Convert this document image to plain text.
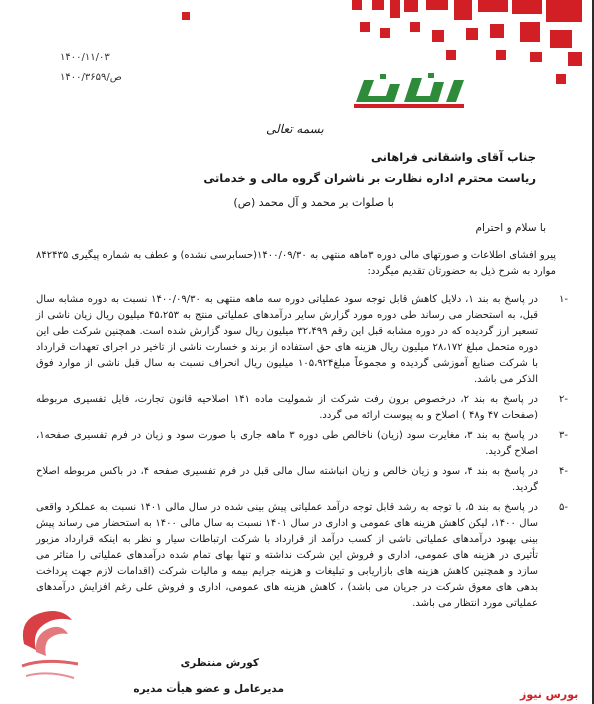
۱۴۰۰/۱۱/۰۳
۱۴۰۰/۳۶۵۹/ص
بسمه تعالی
جناب آقای واشقانی فراهانی
ریاست محترم اداره نظارت بر ناشران گروه مالی و خدماتی
با صلوات بر محمد و آل محمد (ص)
با سلام و احترام
پیرو افشای اطلاعات و صورتهای مالی دوره ۳ماهه منتهی به ۱۴۰۰/۰۹/۳۰(حسابرسی نشده) و عطف به شماره پیگیری ۸۴۲۴۳۵ موارد به شرح ذیل به حضورتان تقدیم میگردد:
-۱
در پاسخ به بند ۱، دلایل کاهش قابل توجه سود عملیاتی دوره سه ماهه منتهی به ۱۴۰۰/۰۹/۳۰ نسبت به دوره مشابه سال قبل، به استحضار می رساند طی دوره مورد گزارش سایر درآمدهای عملیاتی منتج به ۴۵،۲۵۳ میلیون ریال زیان ناشی از تسعیر ارز گردیده که در دوره مشابه قبل این رقم ۳۲،۴۹۹ میلیون ریال سود گزارش شده است. همچنین شرکت طی این دوره متحمل مبلغ ۲۸،۱۷۲ میلیون ریال هزینه های حق استفاده از برند و خسارت ناشی از تاخیر در اجرای تعهدات قرارداد با شرکت صنایع آموزشی گردیده و مجموعاً مبلغ۱۰۵،۹۲۴ میلیون ریال انحراف نسبت به سال قبل ناشی از موارد فوق الذکر می باشد.
-۲
در پاسخ به بند ۲، درخصوص برون رفت شرکت از شمولیت ماده ۱۴۱ اصلاحیه قانون تجارت، فایل تفسیری مربوطه (صفحات ۴۷ و۴۸ ) اصلاح و به پیوست ارائه می گردد.
-۳
در پاسخ به بند ۳، مغایرت سود (زیان) ناخالص طی دوره ۳ ماهه جاری با صورت سود و زیان در فرم تفسیری صفحه۱، اصلاح گردید.
-۴
در پاسخ به بند ۴، سود و زیان خالص و زیان انباشته سال مالی قبل در فرم تفسیری صفحه ۴، در باکس مربوطه اصلاح گردید.
-۵
در پاسخ به بند ۵، با توجه به رشد قابل توجه درآمد عملیاتی پیش بینی شده در سال مالی ۱۴۰۱ نسبت به عملکرد واقعی سال ۱۴۰۰، لیکن کاهش هزینه های عمومی و اداری در سال ۱۴۰۱ نسبت به سال مالی ۱۴۰۰ به استحضار می رساند پیش بینی بهبود درآمدهای عملیاتی ناشی از کسب درآمد از قرارداد با شرکت ارتباطات سیار و نظر به اینکه قرارداد مزبور تأثیری در هزینه های عمومی، اداری و فروش این شرکت نداشته و تنها بهای تمام شده درآمدهای عملیاتی را متاثر می سازد و همچنین کاهش هزینه های بازاریابی و تبلیغات و هزینه جرایم بیمه و مالیات شرکت (اقدامات لازم جهت پرداخت بدهی های معوق شرکت در جریان می باشد) ، کاهش هزینه های عمومی، اداری و فروش علی رغم افزایش درآمدهای عملیاتی مورد انتظار می باشد.
کورش منتظری
مدیرعامل و عضو هیأت مدیره	بورس نیوز
